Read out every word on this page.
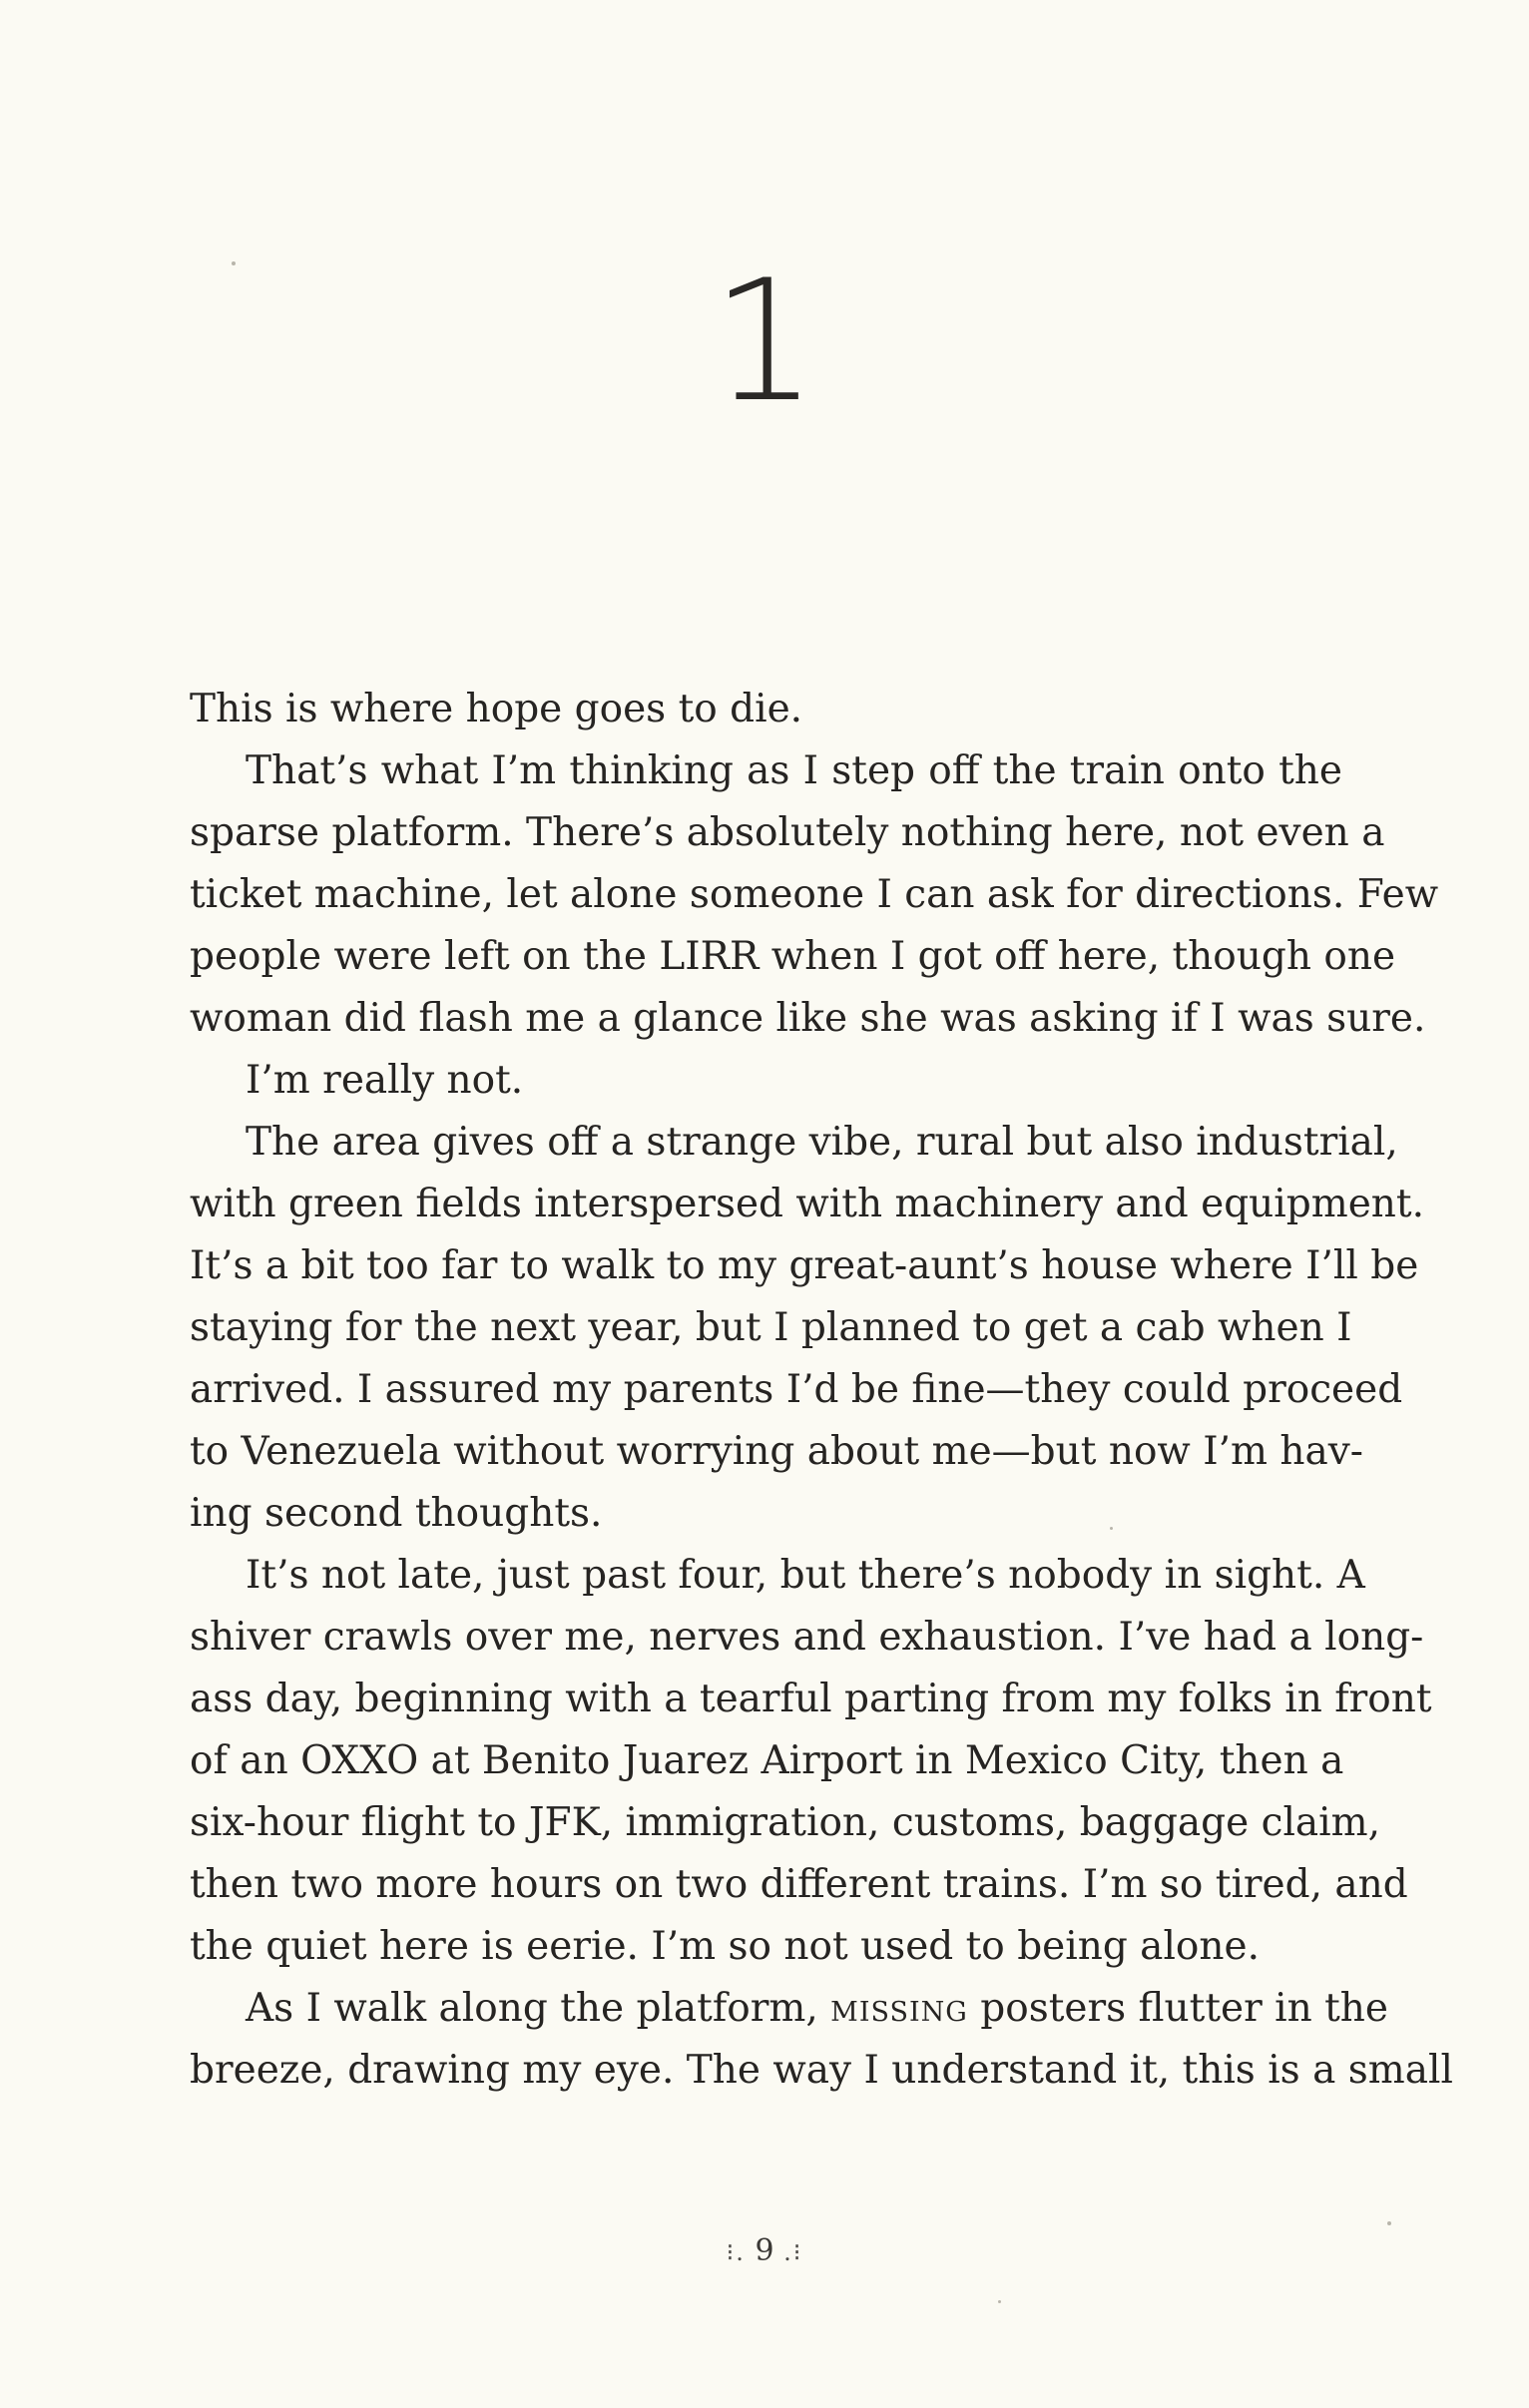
1
This is where hope goes to die.
That’s what I’m thinking as I step off the train onto the
sparse platform. There’s absolutely nothing here, not even a
ticket machine, let alone someone I can ask for directions. Few
people were left on the LIRR when I got off here, though one
woman did flash me a glance like she was asking if I was sure.
I’m really not.
The area gives off a strange vibe, rural but also industrial,
with green fields interspersed with machinery and equipment.
It’s a bit too far to walk to my great-aunt’s house where I’ll be
staying for the next year, but I planned to get a cab when I
arrived. I assured my parents I’d be fine—they could proceed
to Venezuela without worrying about me—but now I’m hav-
ing second thoughts.
It’s not late, just past four, but there’s nobody in sight. A
shiver crawls over me, nerves and exhaustion. I’ve had a long-
ass day, beginning with a tearful parting from my folks in front
of an OXXO at Benito Juarez Airport in Mexico City, then a
six-hour flight to JFK, immigration, customs, baggage claim,
then two more hours on two different trains. I’m so tired, and
the quiet here is eerie. I’m so not used to being alone.
As I walk along the platform, missing posters flutter in the
breeze, drawing my eye. The way I understand it, this is a small
⁝. 9 .⁝
